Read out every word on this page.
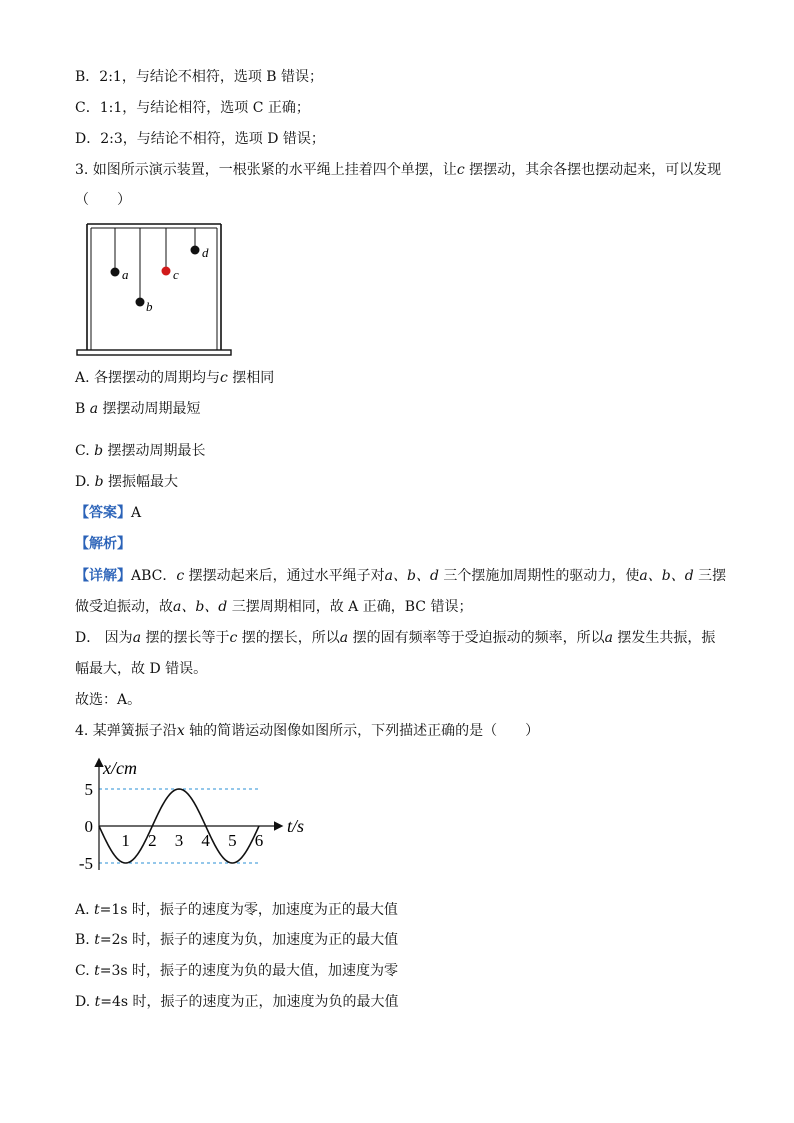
B．2:1，与结论不相符，选项 B 错误；
C．1:1，与结论相符，选项 C 正确；
D．2:3，与结论不相符，选项 D 错误；
3. 如图所示演示装置，一根张紧的水平绳上挂着四个单摆，让c 摆摆动，其余各摆也摆动起来，可以发现
（　　）
a
b
c
d
A. 各摆摆动的周期均与c 摆相同
B a 摆摆动周期最短
C. b 摆摆动周期最长
D. b 摆振幅最大
【答案】A
【解析】
【详解】ABC．c 摆摆动起来后，通过水平绳子对a、b、d 三个摆施加周期性的驱动力，使a、b、d 三摆
做受迫振动，故a、b、d 三摆周期相同，故 A 正确，BC 错误；
D． 因为a 摆的摆长等于c 摆的摆长，所以a 摆的固有频率等于受迫振动的频率，所以a 摆发生共振，振
幅最大，故 D 错误。
故选：A。
4. 某弹簧振子沿x 轴的简谐运动图像如图所示，下列描述正确的是（　　）
x/cm
t/s
1 2 3 4 5 6
5
0
-5
A. t=1s 时，振子的速度为零，加速度为正的最大值
B. t=2s 时，振子的速度为负，加速度为正的最大值
C. t=3s 时，振子的速度为负的最大值，加速度为零
D. t=4s 时，振子的速度为正，加速度为负的最大值
